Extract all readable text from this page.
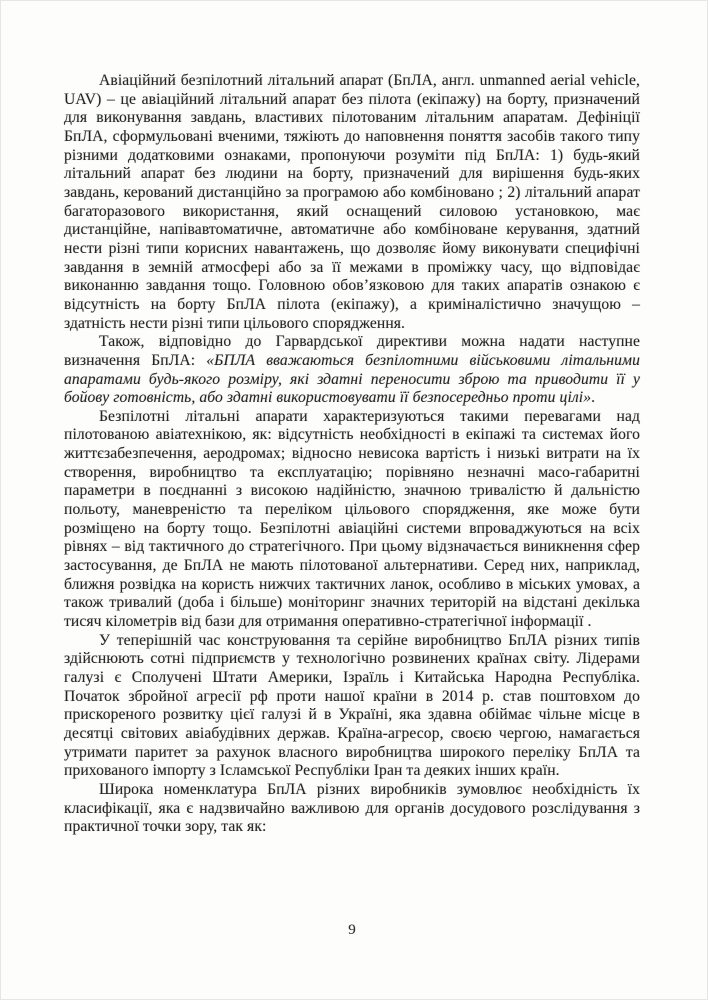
Авіаційний безпілотний літальний апарат (БпЛА, англ. unmanned aerial vehicle, UAV) – це авіаційний літальний апарат без пілота (екіпажу) на борту, призначений для виконування завдань, властивих пілотованим літальним апаратам. Дефініції БпЛА, сформульовані вченими, тяжіють до наповнення поняття засобів такого типу різними додатковими ознаками, пропонуючи розуміти під БпЛА: 1) будь-який літальний апарат без людини на борту, призначений для вирішення будь-яких завдань, керований дистанційно за програмою або комбіновано ; 2) літальний апарат багаторазового використання, який оснащений силовою установкою, має дистанційне, напівавтоматичне, автоматичне або комбіноване керування, здатний нести різні типи корисних навантажень, що дозволяє йому виконувати специфічні завдання в земній атмосфері або за її межами в проміжку часу, що відповідає виконанню завдання тощо. Головною обов’язковою для таких апаратів ознакою є відсутність на борту БпЛА пілота (екіпажу), а криміналістично значущою – здатність нести різні типи цільового спорядження.

Також, відповідно до Гарвардської директиви можна надати наступне визначення БпЛА: «БПЛА вважаються безпілотними військовими літальними апаратами будь-якого розміру, які здатні переносити зброю та приводити її у бойову готовність, або здатні використовувати її безпосередньо проти цілі».

Безпілотні літальні апарати характеризуються такими перевагами над пілотованою авіатехнікою, як: відсутність необхідності в екіпажі та системах його життєзабезпечення, аеродромах; відносно невисока вартість і низькі витрати на їх створення, виробництво та експлуатацію; порівняно незначні масо-габаритні параметри в поєднанні з високою надійністю, значною тривалістю й дальністю польоту, маневреністю та переліком цільового спорядження, яке може бути розміщено на борту тощо. Безпілотні авіаційні системи впроваджуються на всіх рівнях – від тактичного до стратегічного. При цьому відзначається виникнення сфер застосування, де БпЛА не мають пілотованої альтернативи. Серед них, наприклад, ближня розвідка на користь нижчих тактичних ланок, особливо в міських умовах, а також тривалий (доба і більше) моніторинг значних територій на відстані декілька тисяч кілометрів від бази для отримання оперативно-стратегічної інформації .

У теперішній час конструювання та серійне виробництво БпЛА різних типів здійснюють сотні підприємств у технологічно розвинених країнах світу. Лідерами галузі є Сполучені Штати Америки, Ізраїль і Китайська Народна Республіка. Початок збройної агресії рф проти нашої країни в 2014 р. став поштовхом до прискореного розвитку цієї галузі й в Україні, яка здавна обіймає чільне місце в десятці світових авіабудівних держав. Країна-агресор, своєю чергою, намагається утримати паритет за рахунок власного виробництва широкого переліку БпЛА та прихованого імпорту з Ісламської Республіки Іран та деяких інших країн.

Широка номенклатура БпЛА різних виробників зумовлює необхідність їх класифікації, яка є надзвичайно важливою для органів досудового розслідування з практичної точки зору, так як:

9
